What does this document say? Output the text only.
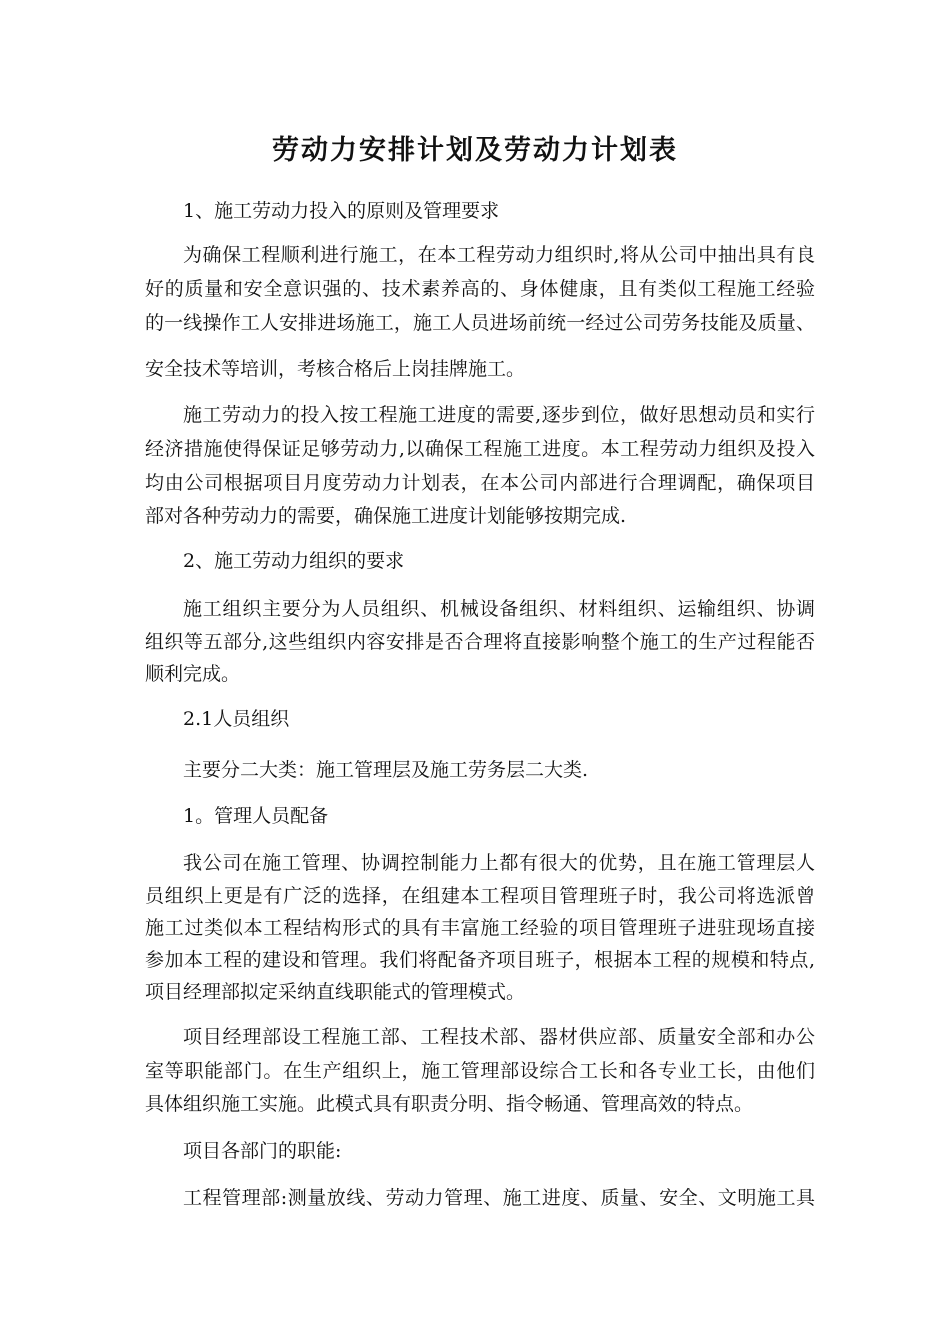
劳动力安排计划及劳动力计划表
1、施工劳动力投入的原则及管理要求
为确保工程顺利进行施工，在本工程劳动力组织时,将从公司中抽出具有良
好的质量和安全意识强的、技术素养高的、身体健康，且有类似工程施工经验
的一线操作工人安排进场施工，施工人员进场前统一经过公司劳务技能及质量、
安全技术等培训，考核合格后上岗挂牌施工。
施工劳动力的投入按工程施工进度的需要,逐步到位，做好思想动员和实行
经济措施使得保证足够劳动力,以确保工程施工进度。本工程劳动力组织及投入
均由公司根据项目月度劳动力计划表，在本公司内部进行合理调配，确保项目
部对各种劳动力的需要，确保施工进度计划能够按期完成.
2、施工劳动力组织的要求
施工组织主要分为人员组织、机械设备组织、材料组织、运输组织、协调
组织等五部分,这些组织内容安排是否合理将直接影响整个施工的生产过程能否
顺利完成。
2.1人员组织
主要分二大类：施工管理层及施工劳务层二大类.
1。管理人员配备
我公司在施工管理、协调控制能力上都有很大的优势，且在施工管理层人
员组织上更是有广泛的选择，在组建本工程项目管理班子时，我公司将选派曾
施工过类似本工程结构形式的具有丰富施工经验的项目管理班子进驻现场直接
参加本工程的建设和管理。我们将配备齐项目班子，根据本工程的规模和特点,
项目经理部拟定采纳直线职能式的管理模式。
项目经理部设工程施工部、工程技术部、器材供应部、质量安全部和办公
室等职能部门。在生产组织上，施工管理部设综合工长和各专业工长，由他们
具体组织施工实施。此模式具有职责分明、指令畅通、管理高效的特点。
项目各部门的职能:
工程管理部:测量放线、劳动力管理、施工进度、质量、安全、文明施工具
